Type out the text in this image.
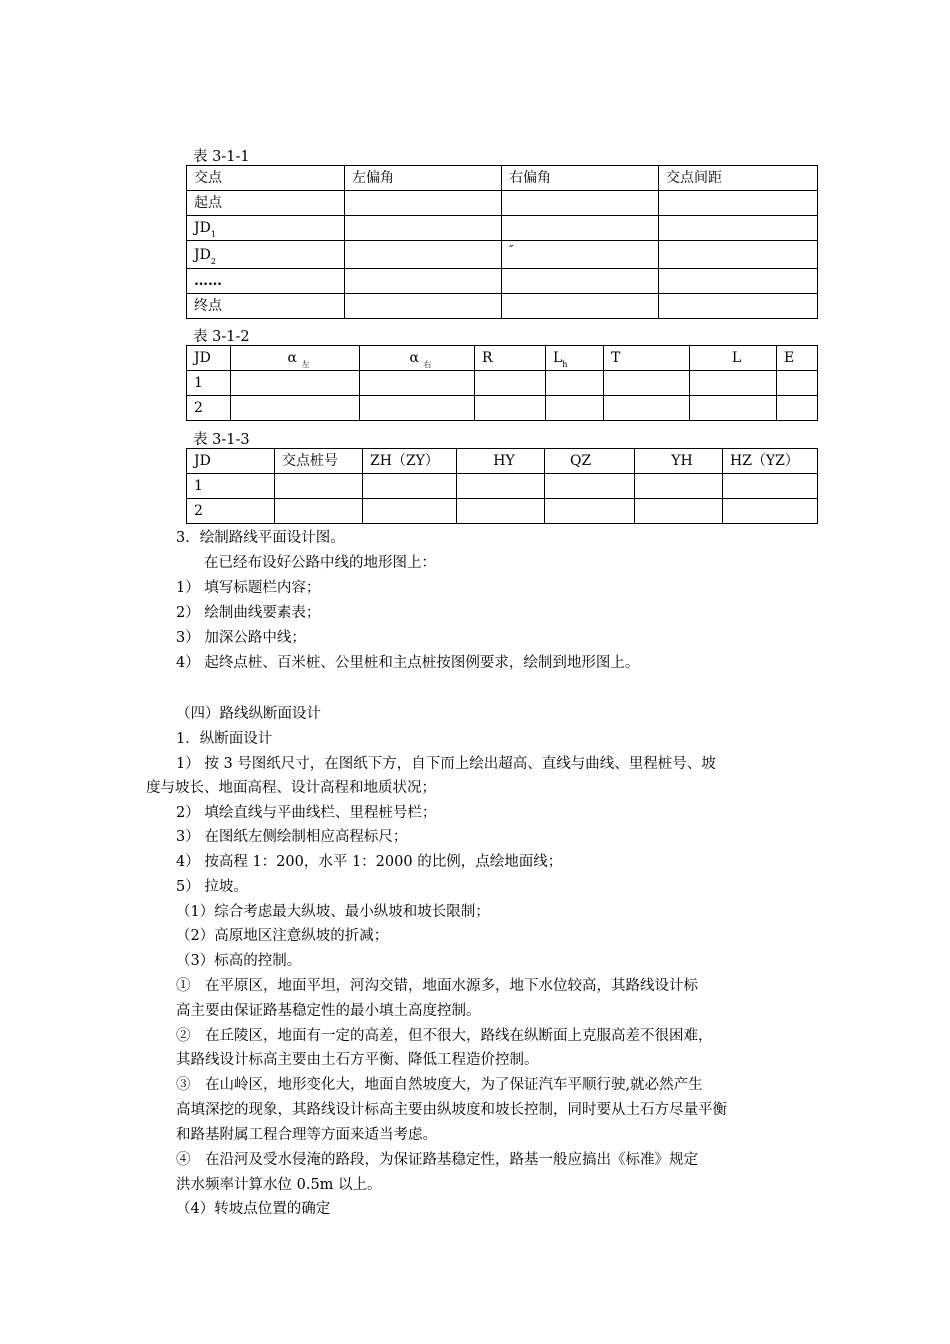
表 3-1-1
交点	左偏角	右偏角	交点间距
起点			
$JD_1$			
$JD_2$		″	
……			
终点			
表 3-1-2
JD	α $_左$	α $_右$	R	$L_h$	T	L	E
1							
2							
表 3-1-3
JD	交点桩号	ZH（ZY）	HY	QZ	YH	HZ（YZ）
1						
2						
3．绘制路线平面设计图。
在已经布设好公路中线的地形图上：
1） 填写标题栏内容；
2） 绘制曲线要素表；
3） 加深公路中线；
4） 起终点桩、百米桩、公里桩和主点桩按图例要求，绘制到地形图上。
（四）路线纵断面设计
1．纵断面设计
1） 按 3 号图纸尺寸，在图纸下方，自下而上绘出超高、直线与曲线、里程桩号、坡
度与坡长、地面高程、设计高程和地质状况；
2） 填绘直线与平曲线栏、里程桩号栏；
3） 在图纸左侧绘制相应高程标尺；
4） 按高程 1：200，水平 1：2000 的比例，点绘地面线；
5） 拉坡。
（1）综合考虑最大纵坡、最小纵坡和坡长限制；
（2）高原地区注意纵坡的折减；
（3）标高的控制。
①　在平原区，地面平坦，河沟交错，地面水源多，地下水位较高，其路线设计标
高主要由保证路基稳定性的最小填土高度控制。
②　在丘陵区，地面有一定的高差，但不很大，路线在纵断面上克服高差不很困难，
其路线设计标高主要由土石方平衡、降低工程造价控制。
③　在山岭区，地形变化大，地面自然坡度大，为了保证汽车平顺行驶,就必然产生
高填深挖的现象，其路线设计标高主要由纵坡度和坡长控制，同时要从土石方尽量平衡
和路基附属工程合理等方面来适当考虑。
④　在沿河及受水侵淹的路段，为保证路基稳定性，路基一般应搞出《标准》规定
洪水频率计算水位 0.5m 以上。
（4）转坡点位置的确定
